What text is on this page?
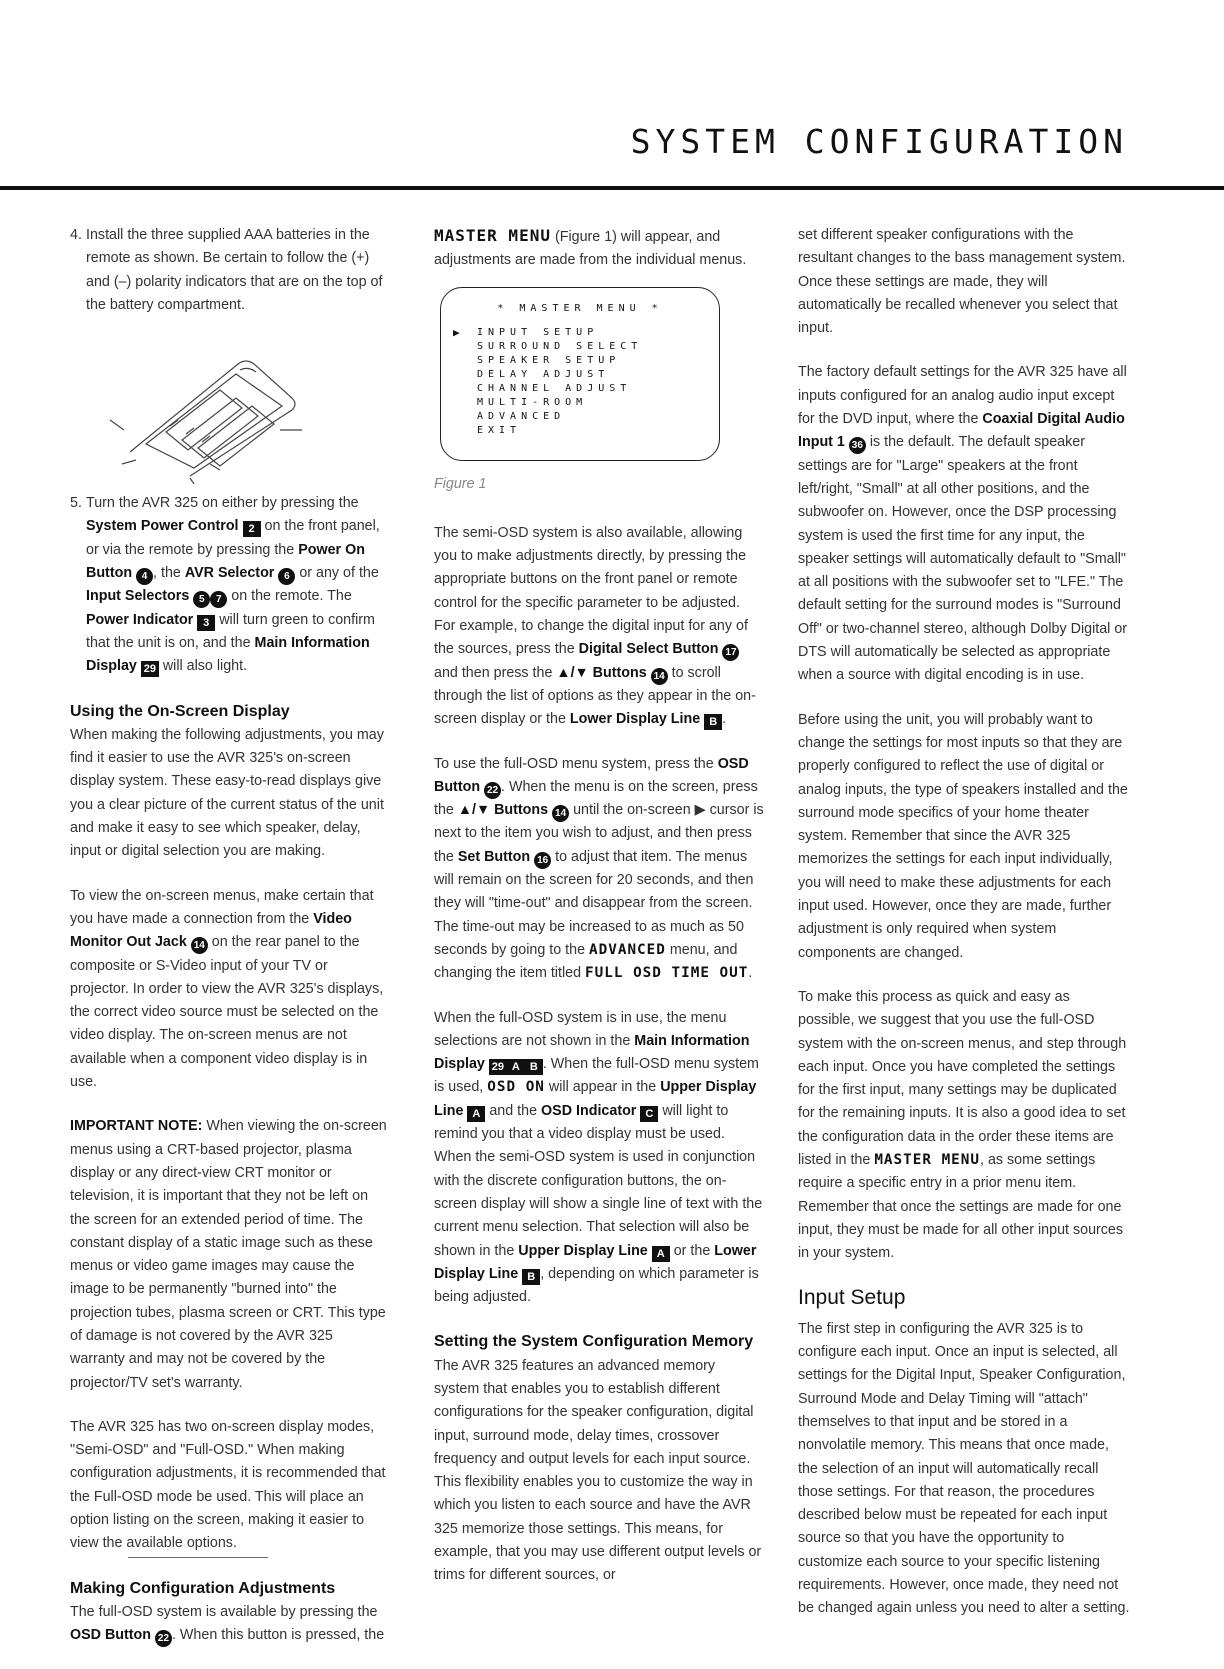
SYSTEM CONFIGURATION

4. Install the three supplied AAA batteries in the remote as shown. Be certain to follow the (+) and (–) polarity indicators that are on the top of the battery compartment.

5. Turn the AVR 325 on either by pressing the System Power Control 2 on the front panel, or via the remote by pressing the Power On Button 4 , the AVR Selector 6 or any of the Input Selectors 5 7 on the remote. The Power Indicator 3 will turn green to confirm that the unit is on, and the Main Information Display 29 will also light.

Using the On-Screen Display

When making the following adjustments, you may find it easier to use the AVR 325's on-screen display system. These easy-to-read displays give you a clear picture of the current status of the unit and make it easy to see which speaker, delay, input or digital selection you are making.

To view the on-screen menus, make certain that you have made a connection from the Video Monitor Out Jack 14 on the rear panel to the composite or S-Video input of your TV or projector. In order to view the AVR 325's displays, the correct video source must be selected on the video display. The on-screen menus are not available when a component video display is in use.

IMPORTANT NOTE: When viewing the on-screen menus using a CRT-based projector, plasma display or any direct-view CRT monitor or television, it is important that they not be left on the screen for an extended period of time. The constant display of a static image such as these menus or video game images may cause the image to be permanently "burned into" the projection tubes, plasma screen or CRT. This type of damage is not covered by the AVR 325 warranty and may not be covered by the projector/TV set's warranty.

The AVR 325 has two on-screen display modes, "Semi-OSD" and "Full-OSD." When making configuration adjustments, it is recommended that the Full-OSD mode be used. This will place an option listing on the screen, making it easier to view the available options.

Making Configuration Adjustments

The full-OSD system is available by pressing the OSD Button 22 . When this button is pressed, the

MASTER MENU (Figure 1) will appear, and adjustments are made from the individual menus.

* MASTER MENU *
▶ INPUT SETUP
SURROUND SELECT
SPEAKER SETUP
DELAY ADJUST
CHANNEL ADJUST
MULTI-ROOM
ADVANCED
EXIT
Figure 1

The semi-OSD system is also available, allowing you to make adjustments directly, by pressing the appropriate buttons on the front panel or remote control for the specific parameter to be adjusted. For example, to change the digital input for any of the sources, press the Digital Select Button 17 and then press the ▲/▼ Buttons 14 to scroll through the list of options as they appear in the on-screen display or the Lower Display Line B .

To use the full-OSD menu system, press the OSD Button 22 . When the menu is on the screen, press the ▲/▼ Buttons 14 until the on-screen ▶ cursor is next to the item you wish to adjust, and then press the Set Button 16 to adjust that item. The menus will remain on the screen for 20 seconds, and then they will "time-out" and disappear from the screen. The time-out may be increased to as much as 50 seconds by going to the ADVANCED menu, and changing the item titled FULL OSD TIME OUT.

When the full-OSD system is in use, the menu selections are not shown in the Main Information Display 29 A B . When the full-OSD menu system is used, OSD ON will appear in the Upper Display Line A and the OSD Indicator C will light to remind you that a video display must be used. When the semi-OSD system is used in conjunction with the discrete configuration buttons, the on-screen display will show a single line of text with the current menu selection. That selection will also be shown in the Upper Display Line A or the Lower Display Line B , depending on which parameter is being adjusted.

Setting the System Configuration Memory

The AVR 325 features an advanced memory system that enables you to establish different configurations for the speaker configuration, digital input, surround mode, delay times, crossover frequency and output levels for each input source. This flexibility enables you to customize the way in which you listen to each source and have the AVR 325 memorize those settings. This means, for example, that you may use different output levels or trims for different sources, or

set different speaker configurations with the resultant changes to the bass management system. Once these settings are made, they will automatically be recalled whenever you select that input.

The factory default settings for the AVR 325 have all inputs configured for an analog audio input except for the DVD input, where the Coaxial Digital Audio Input 1 36 is the default. The default speaker settings are for "Large" speakers at the front left/right, "Small" at all other positions, and the subwoofer on. However, once the DSP processing system is used the first time for any input, the speaker settings will automatically default to "Small" at all positions with the subwoofer set to "LFE." The default setting for the surround modes is "Surround Off" or two-channel stereo, although Dolby Digital or DTS will automatically be selected as appropriate when a source with digital encoding is in use.

Before using the unit, you will probably want to change the settings for most inputs so that they are properly configured to reflect the use of digital or analog inputs, the type of speakers installed and the surround mode specifics of your home theater system. Remember that since the AVR 325 memorizes the settings for each input individually, you will need to make these adjustments for each input used. However, once they are made, further adjustment is only required when system components are changed.

To make this process as quick and easy as possible, we suggest that you use the full-OSD system with the on-screen menus, and step through each input. Once you have completed the settings for the first input, many settings may be duplicated for the remaining inputs. It is also a good idea to set the configuration data in the order these items are listed in the MASTER MENU, as some settings require a specific entry in a prior menu item. Remember that once the settings are made for one input, they must be made for all other input sources in your system.

Input Setup

The first step in configuring the AVR 325 is to configure each input. Once an input is selected, all settings for the Digital Input, Speaker Configuration, Surround Mode and Delay Timing will "attach" themselves to that input and be stored in a nonvolatile memory. This means that once made, the selection of an input will automatically recall those settings. For that reason, the procedures described below must be repeated for each input source so that you have the opportunity to customize each source to your specific listening requirements. However, once made, they need not be changed again unless you need to alter a setting.
